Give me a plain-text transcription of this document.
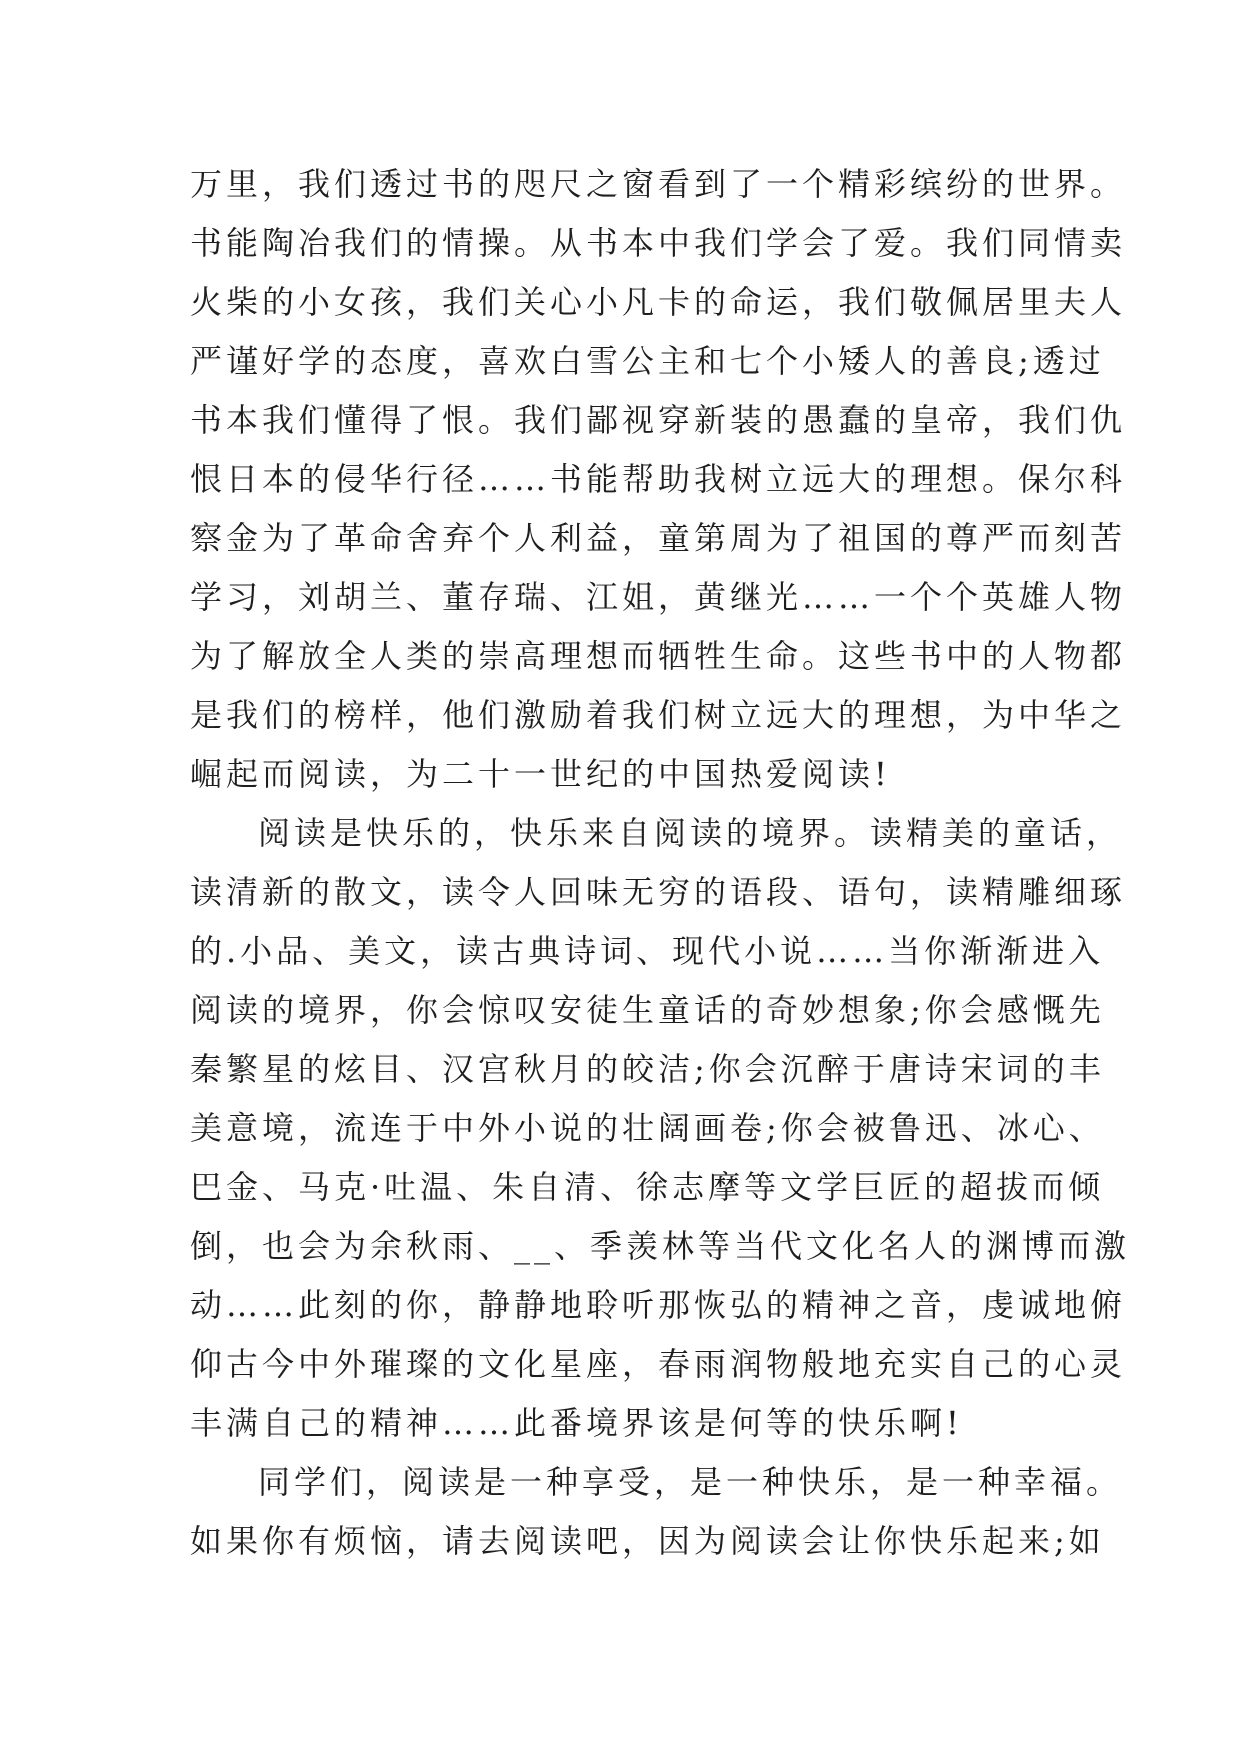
万里，我们透过书的咫尺之窗看到了一个精彩缤纷的世界。
书能陶冶我们的情操。从书本中我们学会了爱。我们同情卖
火柴的小女孩，我们关心小凡卡的命运，我们敬佩居里夫人
严谨好学的态度，喜欢白雪公主和七个小矮人的善良;透过
书本我们懂得了恨。我们鄙视穿新装的愚蠢的皇帝，我们仇
恨日本的侵华行径……书能帮助我树立远大的理想。保尔科
察金为了革命舍弃个人利益，童第周为了祖国的尊严而刻苦
学习，刘胡兰、董存瑞、江姐，黄继光……一个个英雄人物
为了解放全人类的崇高理想而牺牲生命。这些书中的人物都
是我们的榜样，他们激励着我们树立远大的理想，为中华之
崛起而阅读，为二十一世纪的中国热爱阅读!
阅读是快乐的，快乐来自阅读的境界。读精美的童话，
读清新的散文，读令人回味无穷的语段、语句，读精雕细琢
的.小品、美文，读古典诗词、现代小说……当你渐渐进入
阅读的境界，你会惊叹安徒生童话的奇妙想象;你会感慨先
秦繁星的炫目、汉宫秋月的皎洁;你会沉醉于唐诗宋词的丰
美意境，流连于中外小说的壮阔画卷;你会被鲁迅、冰心、
巴金、马克·吐温、朱自清、徐志摩等文学巨匠的超拔而倾
倒，也会为余秋雨、__、季羡林等当代文化名人的渊博而激
动……此刻的你，静静地聆听那恢弘的精神之音，虔诚地俯
仰古今中外璀璨的文化星座，春雨润物般地充实自己的心灵
丰满自己的精神……此番境界该是何等的快乐啊!
同学们，阅读是一种享受，是一种快乐，是一种幸福。
如果你有烦恼，请去阅读吧，因为阅读会让你快乐起来;如
